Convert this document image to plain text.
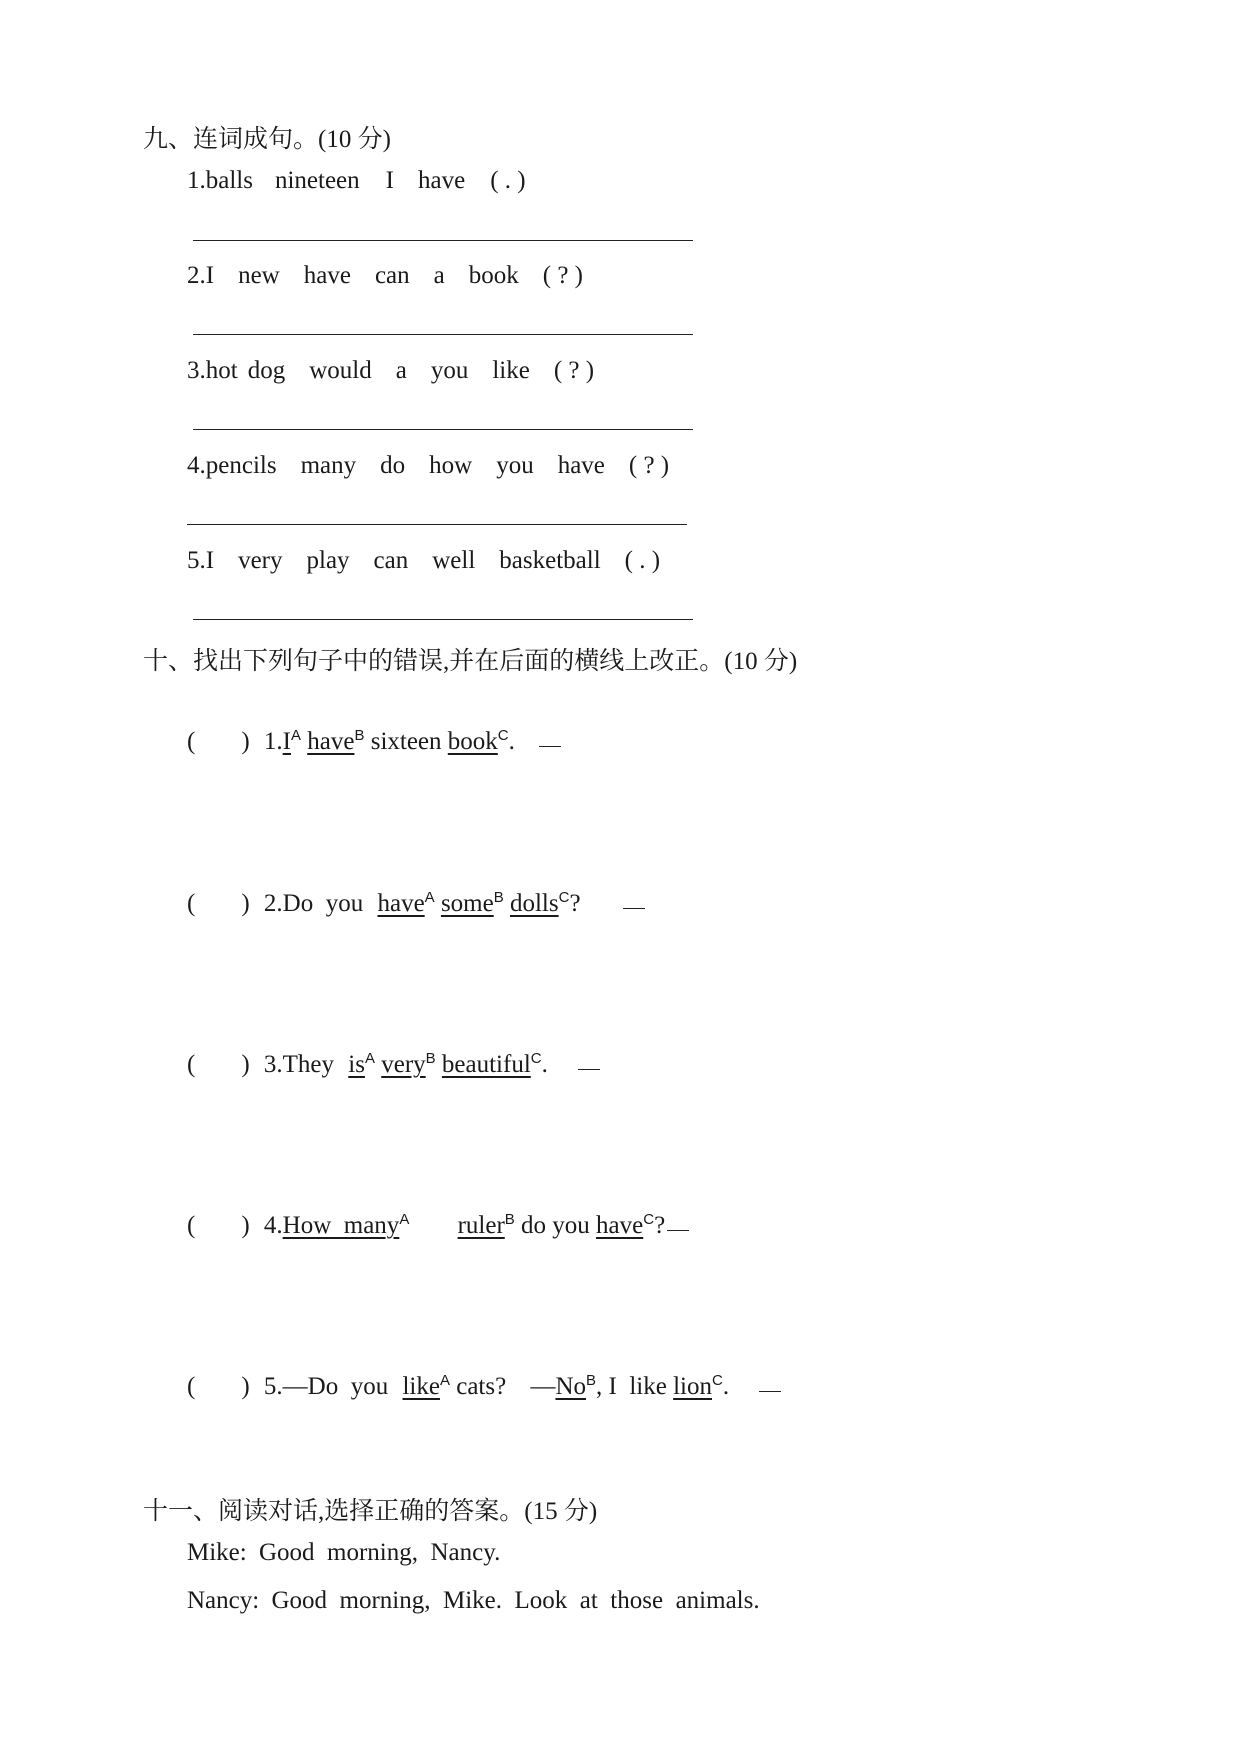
九、连词成句。(10 分)
1.balls nineteen I have ( . )
2.I new have can a book ( ? )
3.hot dog would a you like ( ? )
4.pencils many do how you have ( ? )
5.I very play can well basketball ( . )
十、找出下列句子中的错误,并在后面的横线上改正。(10 分)
( ) $1.I^A$ have$^B$ sixteen book$^C$.
( ) 2.Do  you have$^A$ some$^B$ dolls$^C$?
( ) 3.They $is^A$ very$^B$ beautiful$^C$.
( ) 4.How  many$^A$ ruler$^B$ do you have$^C$?
( ) 5.—Do  you like$^A$ cats? $—No^B$, I  like lion$^C$.
十一、阅读对话,选择正确的答案。(15 分)
Mike: Good  morning,  Nancy.
Nancy: Good  morning,  Mike.  Look  at  those  animals.
